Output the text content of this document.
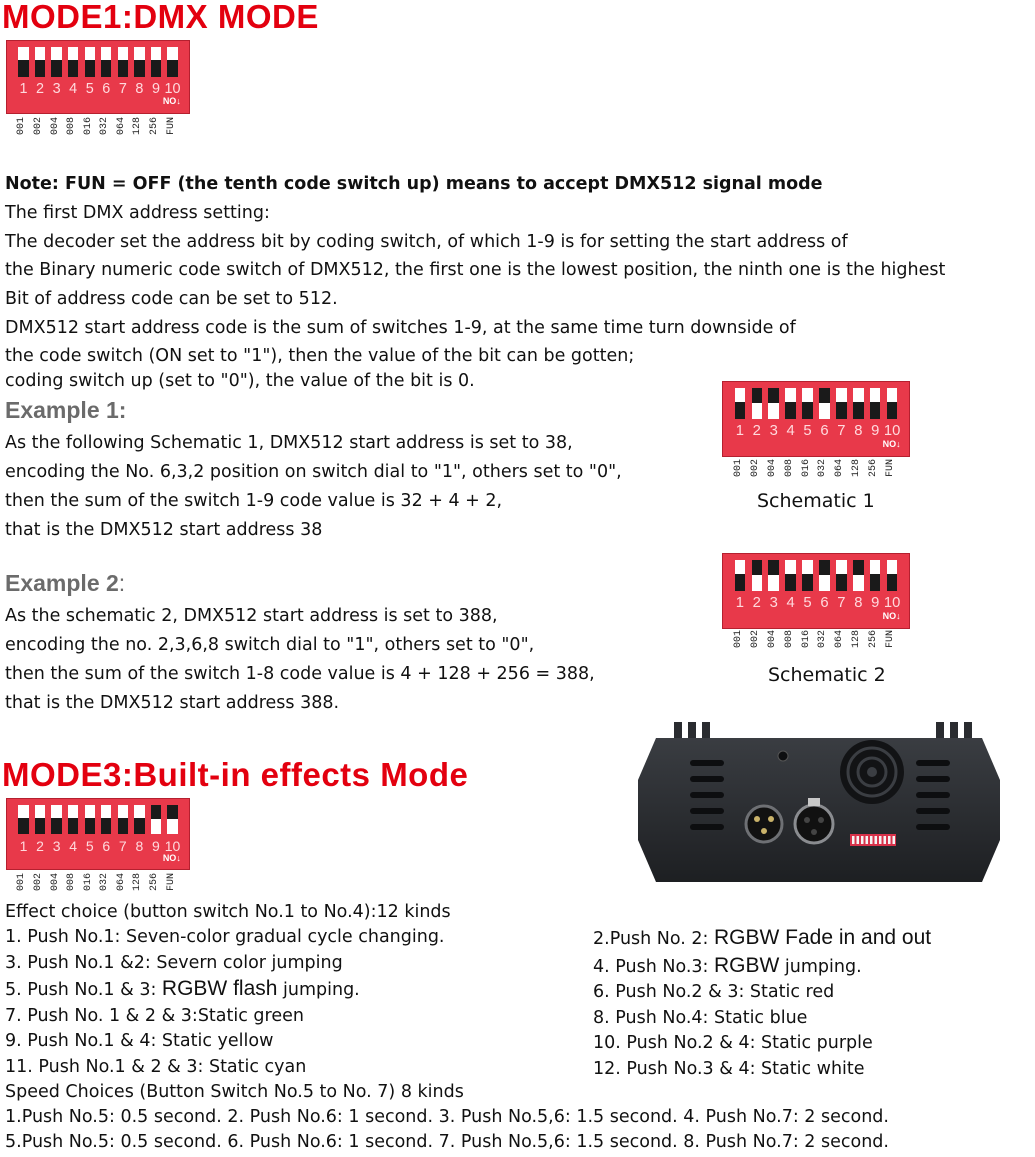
MODE1:DMX MODE
1 2 3 4 5 6 7 8 9 10
NO↓
001 002 004 008 016 032 064 128 256 FUN
1 2 3 4 5 6 7 8 9 10
NO↓
001 002 004 008 016 032 064 128 256 FUN
1 2 3 4 5 6 7 8 9 10
NO↓
001 002 004 008 016 032 064 128 256 FUN
1 2 3 4 5 6 7 8 9 10
NO↓
001 002 004 008 016 032 064 128 256 FUN
Note: FUN = OFF (the tenth code switch up) means to accept DMX512 signal mode
The first DMX address setting:
The decoder set the address bit by coding switch, of which 1-9 is for setting the start address of
the Binary numeric code switch of DMX512, the first one is the lowest position, the ninth one is the highest
Bit of address code can be set to 512.
DMX512 start address code is the sum of switches 1-9, at the same time turn downside of
the code switch (ON set to "1"), then the value of the bit can be gotten;
coding switch up (set to "0"), the value of the bit is 0.
Example 1:
As the following Schematic 1, DMX512 start address is set to 38,
encoding the No. 6,3,2 position on switch dial to "1", others set to "0",
then the sum of the switch 1-9 code value is 32 + 4 + 2,
that is the DMX512 start address 38
Schematic 1
Example 2:
As the schematic 2, DMX512 start address is set to 388,
encoding the no. 2,3,6,8 switch dial to "1", others set to "0",
then the sum of the switch 1-8 code value is 4 + 128 + 256 = 388,
that is the DMX512 start address 388.
Schematic 2
MODE3:Built-in effects Mode
Effect choice (button switch No.1 to No.4):12 kinds
1. Push No.1: Seven-color gradual cycle changing.
3. Push No.1 &2: Severn color jumping
5. Push No.1 & 3: RGBW flash jumping.
7. Push No. 1 & 2 & 3:Static green
9. Push No.1 & 4: Static yellow
11. Push No.1 & 2 & 3: Static cyan
2.Push No. 2: RGBW Fade in and out
4. Push No.3: RGBW jumping.
6. Push No.2 & 3: Static red
8. Push No.4: Static blue
10. Push No.2 & 4: Static purple
12. Push No.3 & 4: Static white
Speed Choices (Button Switch No.5 to No. 7) 8 kinds
1.Push No.5: 0.5 second. 2. Push No.6: 1 second. 3. Push No.5,6: 1.5 second. 4. Push No.7: 2 second.
5.Push No.5: 0.5 second. 6. Push No.6: 1 second. 7. Push No.5,6: 1.5 second. 8. Push No.7: 2 second.
